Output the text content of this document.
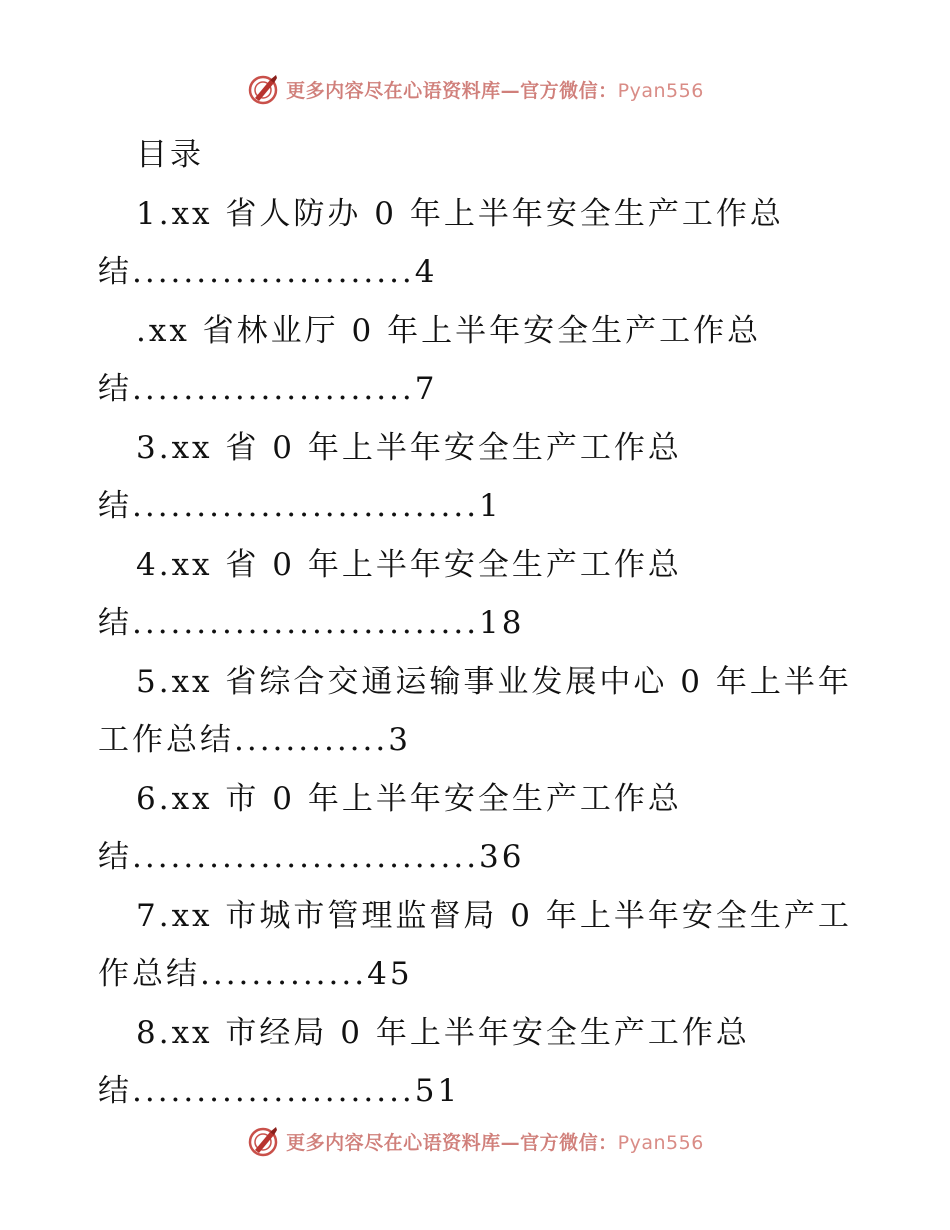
更多内容尽在心语资料库—官方微信：Pyan556
目录
1.xx 省人防办 0 年上半年安全生产工作总
结......................4
.xx 省林业厅 0 年上半年安全生产工作总
结......................7
3.xx 省 0 年上半年安全生产工作总
结...........................1
4.xx 省 0 年上半年安全生产工作总
结...........................18
5.xx 省综合交通运输事业发展中心 0 年上半年
工作总结............3
6.xx 市 0 年上半年安全生产工作总
结...........................36
7.xx 市城市管理监督局 0 年上半年安全生产工
作总结.............45
8.xx 市经局 0 年上半年安全生产工作总
结......................51
更多内容尽在心语资料库—官方微信：Pyan556
